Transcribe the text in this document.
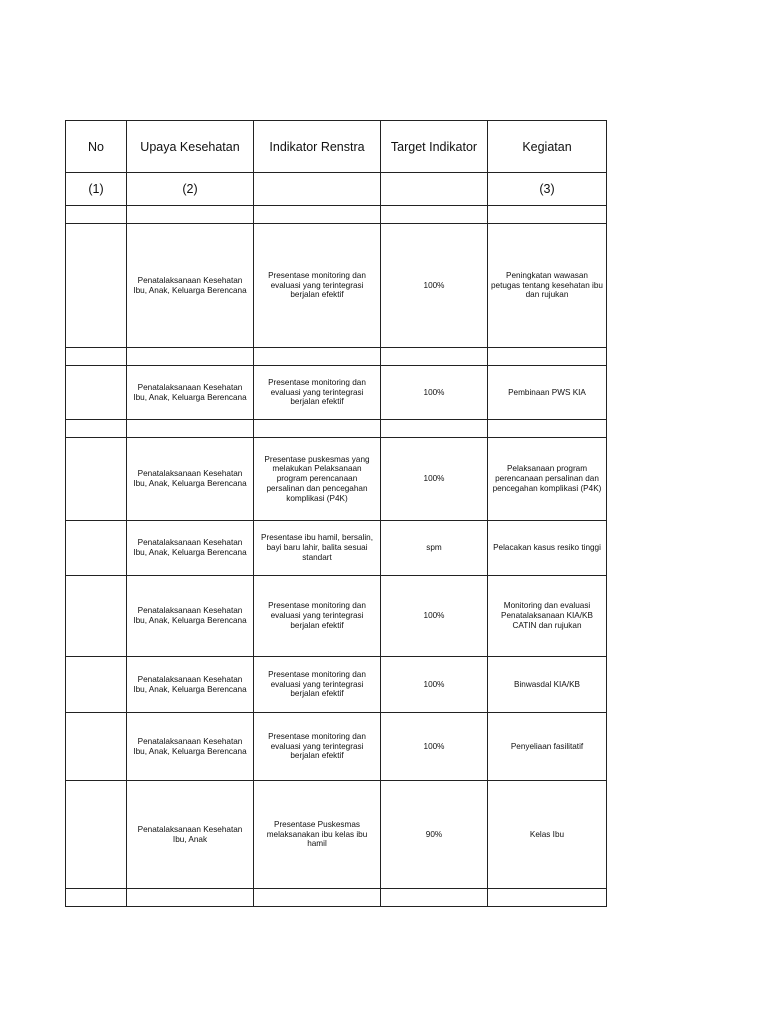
No	Upaya Kesehatan	Indikator Renstra	Target Indikator	Kegiatan
(1)	(2)			(3)

	Penatalaksanaan Kesehatan Ibu, Anak, Keluarga Berencana	Presentase monitoring dan evaluasi yang terintegrasi berjalan efektif	100%	Peningkatan wawasan petugas tentang kesehatan ibu dan rujukan

	Penatalaksanaan Kesehatan Ibu, Anak, Keluarga Berencana	Presentase monitoring dan evaluasi yang terintegrasi berjalan efektif	100%	Pembinaan PWS KIA

	Penatalaksanaan Kesehatan Ibu, Anak, Keluarga Berencana	Presentase puskesmas yang melakukan Pelaksanaan program perencanaan persalinan dan pencegahan komplikasi (P4K)	100%	Pelaksanaan program perencanaan persalinan dan pencegahan komplikasi (P4K)
	Penatalaksanaan Kesehatan Ibu, Anak, Keluarga Berencana	Presentase ibu hamil, bersalin, bayi baru lahir, balita sesuai standart	spm	Pelacakan kasus resiko tinggi
	Penatalaksanaan Kesehatan Ibu, Anak, Keluarga Berencana	Presentase monitoring dan evaluasi yang terintegrasi berjalan efektif	100%	Monitoring dan evaluasi Penatalaksanaan KIA/KB CATIN dan rujukan
	Penatalaksanaan Kesehatan Ibu, Anak, Keluarga Berencana	Presentase monitoring dan evaluasi yang terintegrasi berjalan efektif	100%	Binwasdal KIA/KB
	Penatalaksanaan Kesehatan Ibu, Anak, Keluarga Berencana	Presentase monitoring dan evaluasi yang terintegrasi berjalan efektif	100%	Penyeliaan fasilitatif
	Penatalaksanaan Kesehatan Ibu, Anak	Presentase Puskesmas melaksanakan ibu kelas ibu hamil	90%	Kelas Ibu
